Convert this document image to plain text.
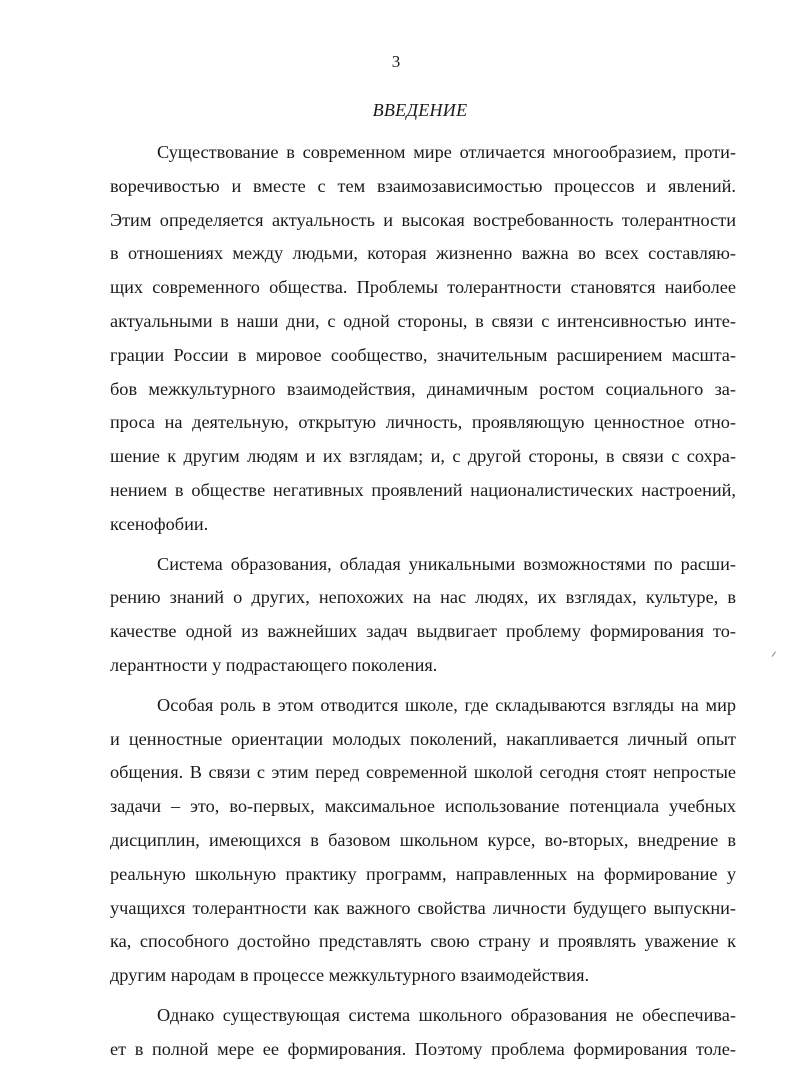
3
ВВЕДЕНИЕ
Существование в современном мире отличается многообразием, проти-
воречивостью и вместе с тем взаимозависимостью процессов и явлений.
Этим определяется актуальность и высокая востребованность толерантности
в отношениях между людьми, которая жизненно важна во всех составляю-
щих современного общества. Проблемы толерантности становятся наиболее
актуальными в наши дни, с одной стороны, в связи с интенсивностью инте-
грации России в мировое сообщество, значительным расширением масшта-
бов межкультурного взаимодействия, динамичным ростом социального за-
проса на деятельную, открытую личность, проявляющую ценностное отно-
шение к другим людям и их взглядам; и, с другой стороны, в связи с сохра-
нением в обществе негативных проявлений националистических настроений,
ксенофобии.
Система образования, обладая уникальными возможностями по расши-
рению знаний о других, непохожих на нас людях, их взглядах, культуре, в
качестве одной из важнейших задач выдвигает проблему формирования то-
лерантности у подрастающего поколения.
Особая роль в этом отводится школе, где складываются взгляды на мир
и ценностные ориентации молодых поколений, накапливается личный опыт
общения. В связи с этим перед современной школой сегодня стоят непростые
задачи – это, во-первых, максимальное использование потенциала учебных
дисциплин, имеющихся в базовом школьном курсе, во-вторых, внедрение в
реальную школьную практику программ, направленных на формирование у
учащихся толерантности как важного свойства личности будущего выпускни-
ка, способного достойно представлять свою страну и проявлять уважение к
другим народам в процессе межкультурного взаимодействия.
Однако существующая система школьного образования не обеспечива-
ет в полной мере ее формирования. Поэтому проблема формирования толе-
